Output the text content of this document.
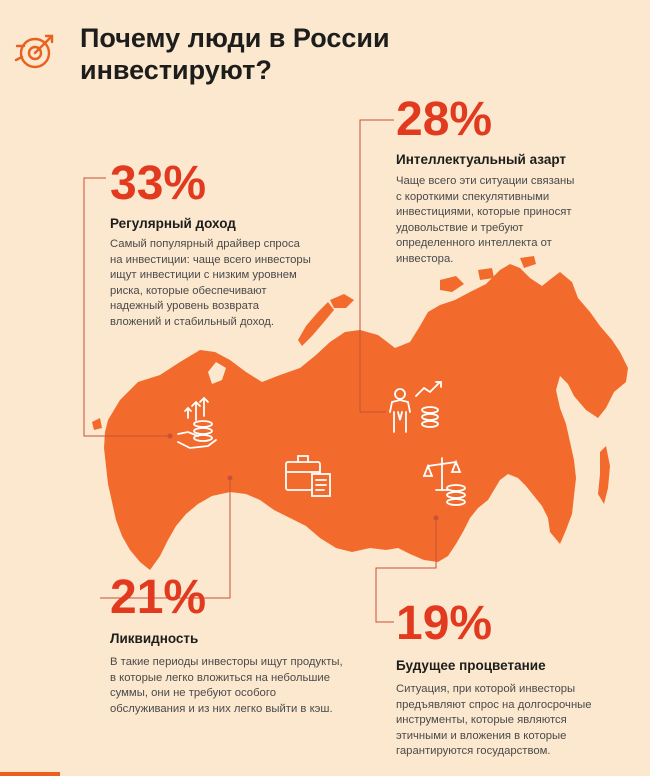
Почему люди в России
инвестируют?
33%
Регулярный доход
Самый популярный драйвер спроса
на инвестиции: чаще всего инвесторы
ищут инвестиции с низким уровнем
риска, которые обеспечивают
надежный уровень возврата
вложений и стабильный доход.
28%
Интеллектуальный азарт
Чаще всего эти ситуации связаны
с короткими спекулятивными
инвестициями, которые приносят
удовольствие и требуют
определенного интеллекта от
инвестора.
21%
Ликвидность
В такие периоды инвесторы ищут продукты,
в которые легко вложиться на небольшие
суммы, они не требуют особого
обслуживания и из них легко выйти в кэш.
19%
Будущее процветание
Ситуация, при которой инвесторы
предъявляют спрос на долгосрочные
инструменты, которые являются
этичными и вложения в которые
гарантируются государством.
